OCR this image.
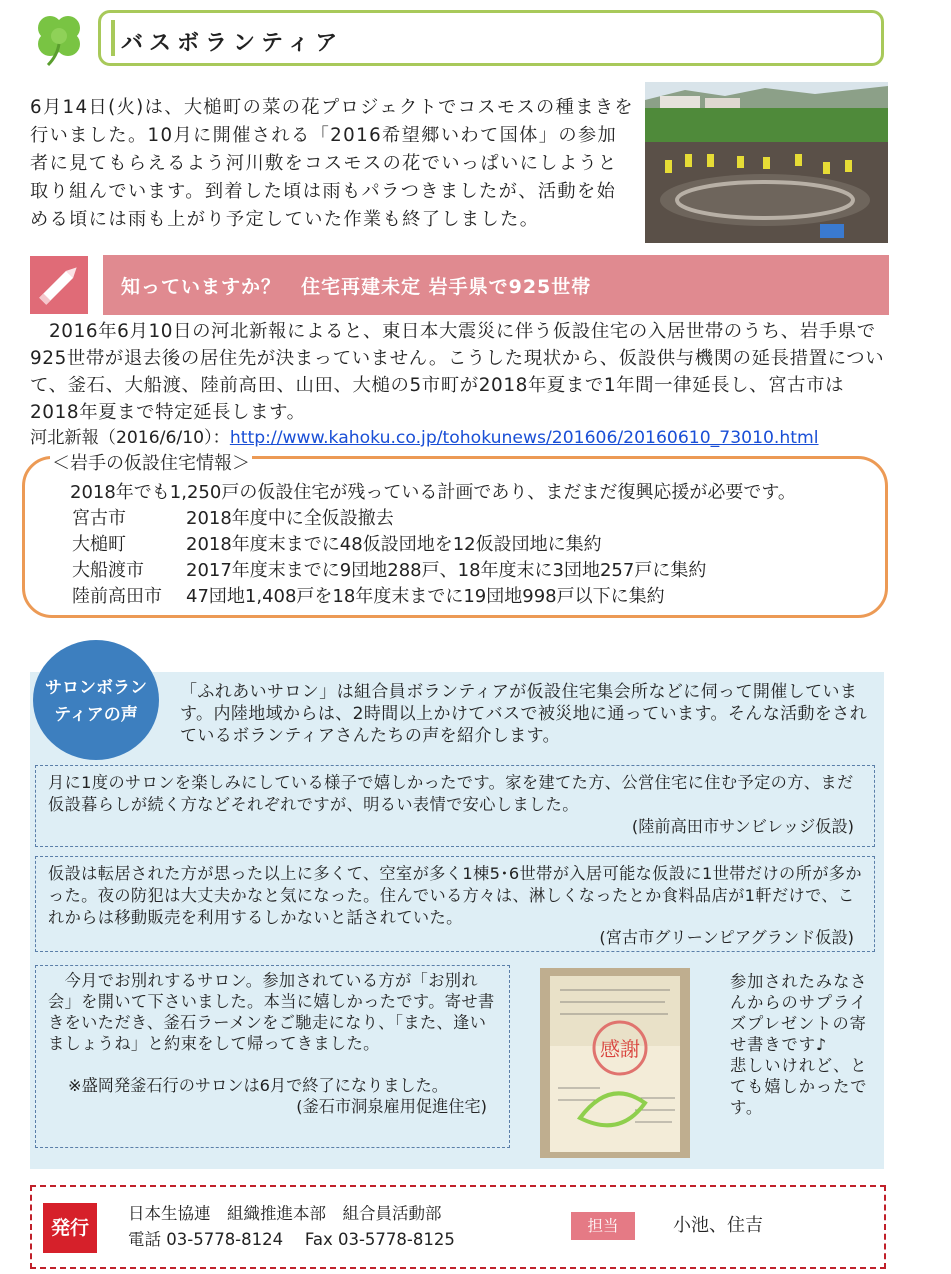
バスボランティア
6月14日(火)は、大槌町の菜の花プロジェクトでコスモスの種まきを行いました。10月に開催される「2016希望郷いわて国体」の参加者に見てもらえるよう河川敷をコスモスの花でいっぱいにしようと取り組んでいます。到着した頃は雨もパラつきましたが、活動を始める頃には雨も上がり予定していた作業も終了しました。
知っていますか？　住宅再建未定 岩手県で925世帯
　2016年6月10日の河北新報によると、東日本大震災に伴う仮設住宅の入居世帯のうち、岩手県で925世帯が退去後の居住先が決まっていません。こうした現状から、仮設供与機関の延長措置について、釜石、大船渡、陸前高田、山田、大槌の5市町が2018年夏まで1年間一律延長し、宮古市は2018年夏まで特定延長します。
河北新報（2016/6/10）：http://www.kahoku.co.jp/tohokunews/201606/20160610_73010.html
＜岩手の仮設住宅情報＞
2018年でも1,250戸の仮設住宅が残っている計画であり、まだまだ復興応援が必要です。
宮古市	2018年度中に全仮設撤去
大槌町	2018年度末までに48仮設団地を12仮設団地に集約
大船渡市 2017年度末までに9団地288戸、18年度末に3団地257戸に集約
陸前高田市 47団地1,408戸を18年度末までに19団地998戸以下に集約
サロンボラン
ティアの声
「ふれあいサロン」は組合員ボランティアが仮設住宅集会所などに伺って開催しています。内陸地域からは、2時間以上かけてバスで被災地に通っています。そんな活動をされているボランティアさんたちの声を紹介します。
月に1度のサロンを楽しみにしている様子で嬉しかったです。家を建てた方、公営住宅に住む予定の方、まだ仮設暮らしが続く方などそれぞれですが、明るい表情で安心しました。
(陸前高田市サンビレッジ仮設)
仮設は転居された方が思った以上に多くて、空室が多く1棟5･6世帯が入居可能な仮設に1世帯だけの所が多かった。夜の防犯は大丈夫かなと気になった。住んでいる方々は、淋しくなったとか食料品店が1軒だけで、これからは移動販売を利用するしかないと話されていた。
(宮古市グリーンピアグランド仮設)
　今月でお別れするサロン。参加されている方が「お別れ会」を開いて下さいました。本当に嬉しかったです。寄せ書きをいただき、釜石ラーメンをご馳走になり、「また、逢いましょうね」と約束をして帰ってきました。
※盛岡発釜石行のサロンは6月で終了になりました。
(釜石市洞泉雇用促進住宅)
感謝
参加されたみなさんからのサプライズプレゼントの寄せ書きです♪
悲しいけれど、とても嬉しかったです。
発行
日本生協連　組織推進本部　組合員活動部
電話 03-5778-8124　 Fax 03-5778-8125
担当	小池、住吉
